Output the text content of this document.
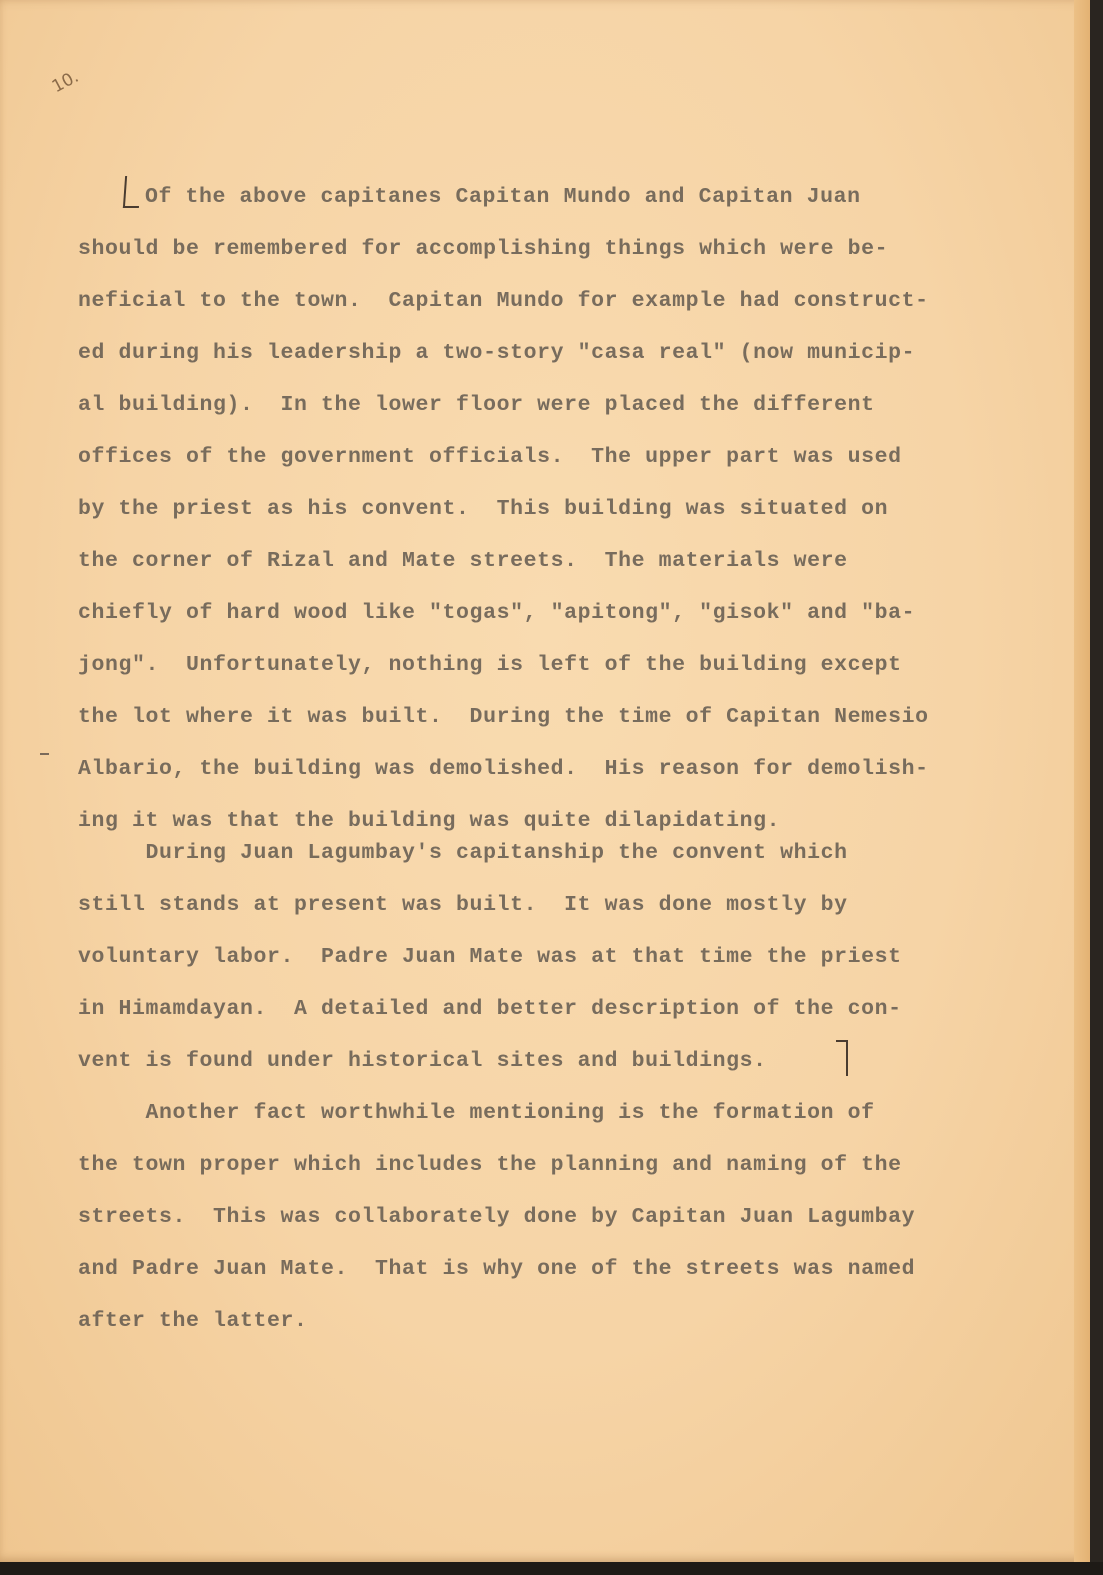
10.
Of the above capitanes Capitan Mundo and Capitan Juan
should be remembered for accomplishing things which were be-
neficial to the town.  Capitan Mundo for example had construct-
ed during his leadership a two-story "casa real" (now municip-
al building).  In the lower floor were placed the different
offices of the government officials.  The upper part was used
by the priest as his convent.  This building was situated on
the corner of Rizal and Mate streets.  The materials were
chiefly of hard wood like "togas", "apitong", "gisok" and "ba-
jong".  Unfortunately, nothing is left of the building except
the lot where it was built.  During the time of Capitan Nemesio
Albario, the building was demolished.  His reason for demolish-
ing it was that the building was quite dilapidating.
During Juan Lagumbay's capitanship the convent which
still stands at present was built.  It was done mostly by
voluntary labor.  Padre Juan Mate was at that time the priest
in Himamdayan.  A detailed and better description of the con-
vent is found under historical sites and buildings.
Another fact worthwhile mentioning is the formation of
the town proper which includes the planning and naming of the
streets.  This was collaborately done by Capitan Juan Lagumbay
and Padre Juan Mate.  That is why one of the streets was named
after the latter.
